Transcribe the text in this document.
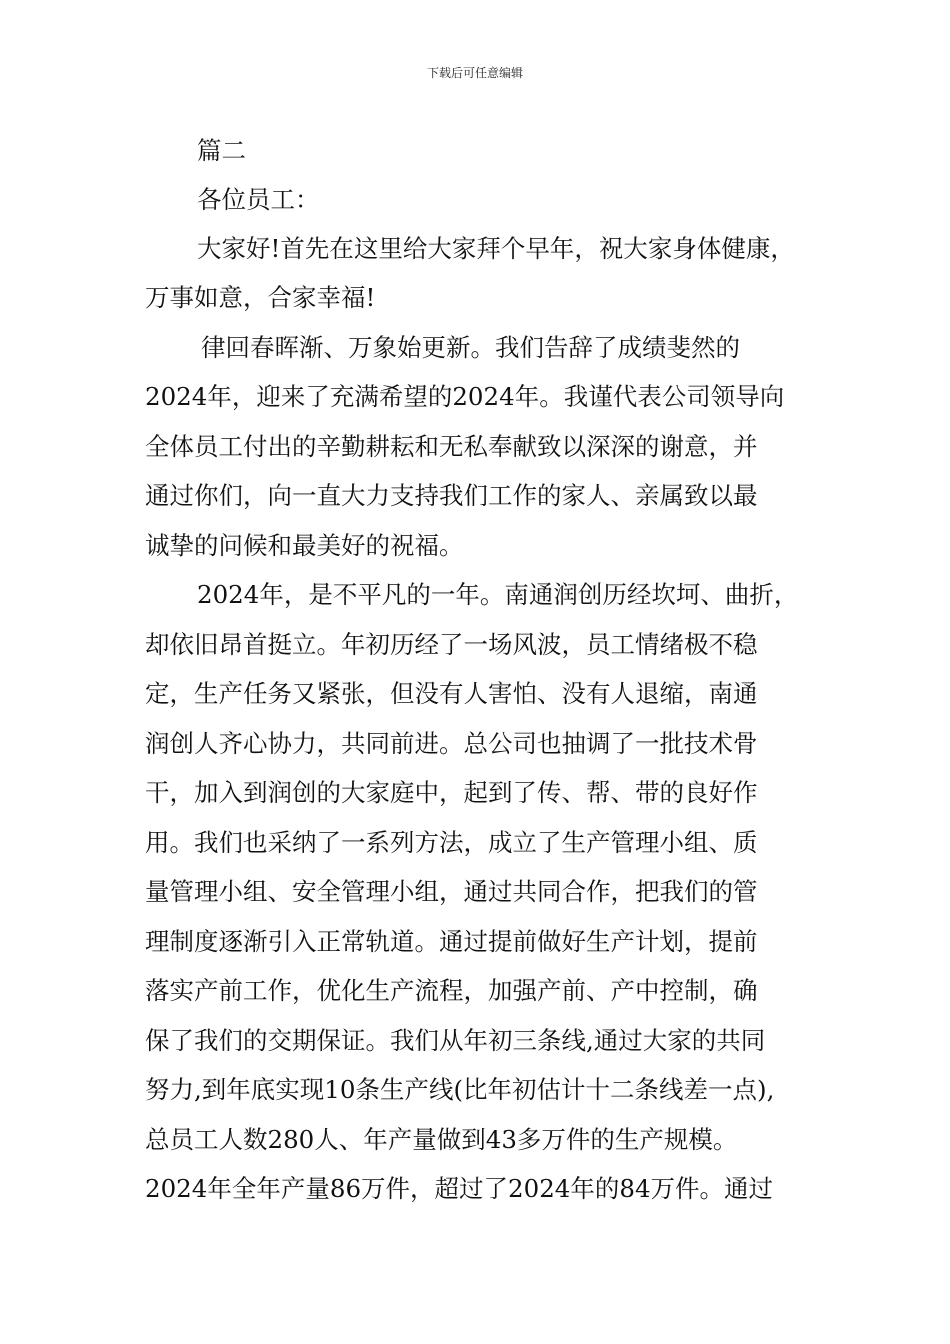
下载后可任意编辑
篇二
各位员工：
大家好!首先在这里给大家拜个早年，祝大家身体健康，
万事如意，合家幸福!
律回春晖渐、万象始更新。我们告辞了成绩斐然的
2024年，迎来了充满希望的2024年。我谨代表公司领导向
全体员工付出的辛勤耕耘和无私奉献致以深深的谢意，并
通过你们，向一直大力支持我们工作的家人、亲属致以最
诚挚的问候和最美好的祝福。
2024年，是不平凡的一年。南通润创历经坎坷、曲折，
却依旧昂首挺立。年初历经了一场风波，员工情绪极不稳
定，生产任务又紧张，但没有人害怕、没有人退缩，南通
润创人齐心协力，共同前进。总公司也抽调了一批技术骨
干，加入到润创的大家庭中，起到了传、帮、带的良好作
用。我们也采纳了一系列方法，成立了生产管理小组、质
量管理小组、安全管理小组，通过共同合作，把我们的管
理制度逐渐引入正常轨道。通过提前做好生产计划，提前
落实产前工作，优化生产流程，加强产前、产中控制，确
保了我们的交期保证。我们从年初三条线,通过大家的共同
努力,到年底实现10条生产线(比年初估计十二条线差一点),
总员工人数280人、年产量做到43多万件的生产规模。
2024年全年产量86万件，超过了2024年的84万件。通过
